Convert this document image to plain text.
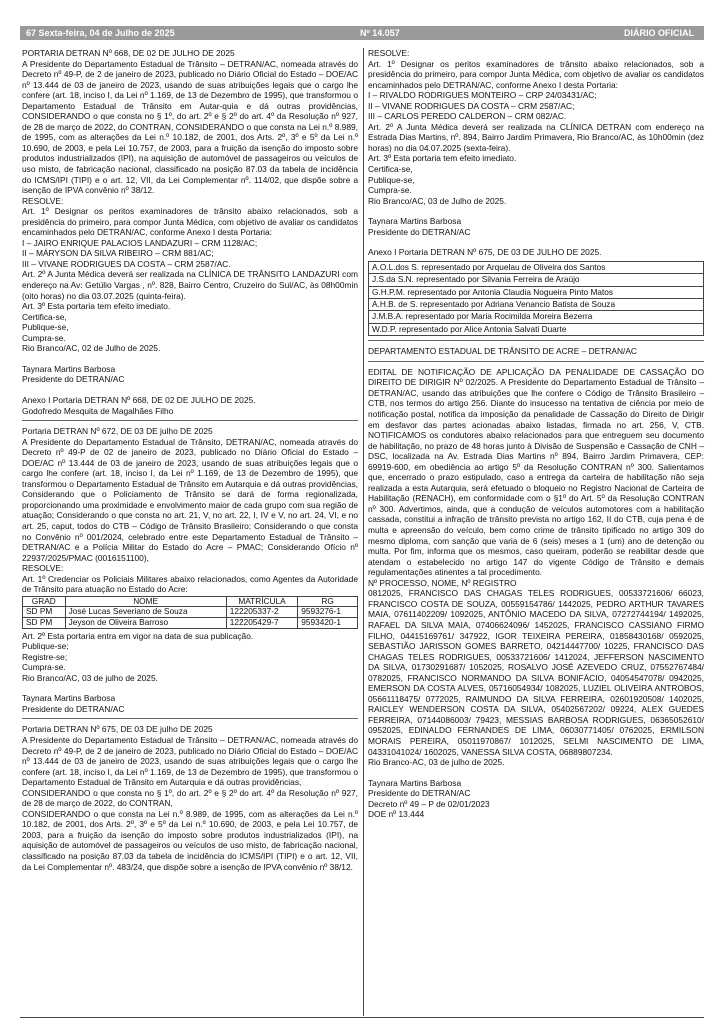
67 Sexta-feira, 04 de Julho de 2025	Nº 14.057	DIÁRIO OFICIAL

PORTARIA DETRAN Nº 668, DE 02 DE JULHO DE 2025

A Presidente do Departamento Estadual de Trânsito – DETRAN/AC, nomeada através do Decreto nº 49-P, de 2 de janeiro de 2023, publicado no Diário Oficial do Estado – DOE/AC nº 13.444 de 03 de janeiro de 2023, usando de suas atribuições legais que o cargo lhe confere (art. 18, inciso I, da Lei nº 1.169, de 13 de Dezembro de 1995), que transformou o Departamento Estadual de Trânsito em Autar-quia e dá outras providências, CONSIDERANDO o que consta no § 1º, do art. 2º e § 2º do art. 4º da Resolução nº 927, de 28 de março de 2022, do CONTRAN, CONSIDERANDO o que consta na Lei n.º 8.989, de 1995, com as alterações da Lei n.º 10.182, de 2001, dos Arts. 2º, 3º e 5º da Lei n.º 10.690, de 2003, e pela Lei 10.757, de 2003, para a fruição da isenção do imposto sobre produtos industrializados (IPI), na aquisição de automóvel de passageiros ou veículos de uso misto, de fabricação nacional, classificado na posição 87.03 da tabela de incidência do ICMS/IPI (TIPI) e o art. 12, VII, da Lei Complementar nº. 114/02, que dispõe sobre a isenção de IPVA convênio nº 38/12.
RESOLVE:
Art. 1º Designar os peritos examinadores de trânsito abaixo relacionados, sob a presidência do primeiro, para compor Junta Médica, com objetivo de avaliar os candidatos encaminhados pelo DETRAN/AC, conforme Anexo I desta Portaria:
I – JAIRO ENRIQUE PALACIOS LANDAZURI – CRM 1128/AC;
II – MÁRYSON DA SILVA RIBEIRO – CRM 881/AC;
III – VIVANE RODRIGUES DA COSTA – CRM 2587/AC.
Art. 2º A Junta Médica deverá ser realizada na CLÍNICA DE TRÂNSITO LANDAZURI com endereço na Av: Getúlio Vargas , nº. 828, Bairro Centro, Cruzeiro do Sul/AC, às 08h00min (oito horas) no dia 03.07.2025 (quinta-feira).
Art. 3º Esta portaria tem efeito imediato.
Certifica-se,
Publique-se,
Cumpra-se.
Rio Branco/AC, 02 de Julho de 2025.

Taynara Martins Barbosa

Presidente do DETRAN/AC

Anexo I Portaria DETRAN Nº 668, DE 02 DE JULHO DE 2025.

Godofredo Mesquita de Magalhães Filho

Portaria DETRAN Nº 672, DE 03 DE julho DE 2025

A Presidente do Departamento Estadual de Trânsito, DETRAN/AC, nomeada através do Decreto nº 49-P de 02 de janeiro de 2023, publicado no Diário Oficial do Estado – DOE/AC nº 13.444 de 03 de janeiro de 2023, usando de suas atribuições legais que o cargo lhe confere (art. 18, inciso I, da Lei nº 1.169, de 13 de Dezembro de 1995), que transformou o Departamento Estadual de Trânsito em Autarquia e dá outras providências, Considerando que o Policiamento de Trânsito se dará de forma regionalizada, proporcionando uma proximidade e envolvimento maior de cada grupo com sua região de atuação; Considerando o que consta no art. 21, V, no art. 22, I, IV e V, no art. 24, VI, e no art. 25, caput, todos do CTB – Código de Trânsito Brasileiro; Considerando o que consta no Convênio nº 001/2024, celebrado entre este Departamento Estadual de Trânsito – DETRAN/AC e a Polícia Militar do Estado do Acre – PMAC; Considerando Ofício nº 22937/2025/PMAC (0016151100),
RESOLVE:
Art. 1º Credenciar os Policiais Militares abaixo relacionados, como Agentes da Autoridade de Trânsito para atuação no Estado do Acre:

GRAD	NOME	MATRÍCULA	RG
SD PM	José Lucas Severiano de Souza	122205337-2	9593276-1
SD PM	Jeyson de Oliveira Barroso	122205429-7	9593420-1

Art. 2º Esta portaria entra em vigor na data de sua publicação.
Publique-se;
Registre-se;
Cumpra-se.
Rio Branco/AC, 03 de julho de 2025.

Taynara Martins Barbosa

Presidente do DETRAN/AC

Portaria DETRAN Nº 675, DE 03 DE julho DE 2025

A Presidente do Departamento Estadual de Trânsito – DETRAN/AC, nomeada através do Decreto nº 49-P, de 2 de janeiro de 2023, publicado no Diário Oficial do Estado – DOE/AC nº 13.444 de 03 de janeiro de 2023, usando de suas atribuições legais que o cargo lhe confere (art. 18, inciso I, da Lei nº 1.169, de 13 de Dezembro de 1995), que transformou o Departamento Estadual de Trânsito em Autarquia e dá outras providências,
CONSIDERANDO o que consta no § 1º, do art. 2º e § 2º do art. 4º da Resolução nº 927, de 28 de março de 2022, do CONTRAN,
CONSIDERANDO o que consta na Lei n.º 8.989, de 1995, com as alterações da Lei n.º 10.182, de 2001, dos Arts. 2º, 3º e 5º da Lei n.º 10.690, de 2003, e pela Lei 10.757, de 2003, para a fruição da isenção do imposto sobre produtos industrializados (IPI), na aquisição de automóvel de passageiros ou veículos de uso misto, de fabricação nacional, classificado na posição 87.03 da tabela de incidência do ICMS/IPI (TIPI) e o art. 12, VII, da Lei Complementar nº. 483/24, que dispõe sobre a isenção de IPVA convênio nº 38/12.

RESOLVE:
Art. 1º Designar os peritos examinadores de trânsito abaixo relacionados, sob a presidência do primeiro, para compor Junta Médica, com objetivo de avaliar os candidatos encaminhados pelo DETRAN/AC, conforme Anexo I desta Portaria:
I – RIVALDO RODRIGUES MONTEIRO – CRP 24/03431/AC;
II – VIVANE RODRIGUES DA COSTA – CRM 2587/AC;
III – CARLOS PEREDO CALDERON – CRM 082/AC.
Art. 2º A Junta Médica deverá ser realizada na CLÍNICA DETRAN com endereço na Estrada Dias Martins, nº. 894, Bairro Jardim Primavera, Rio Branco/AC, às 10h00min (dez horas) no dia 04.07.2025 (sexta-feira).
Art. 3º Esta portaria tem efeito imediato.
Certifica-se,
Publique-se,
Cumpra-se.
Rio Branco/AC, 03 de Julho de 2025.

Taynara Martins Barbosa

Presidente do DETRAN/AC

Anexo I Portaria DETRAN Nº 675, DE 03 DE JULHO DE 2025.

A.O.L.dos S. representado por Arquelau de Oliveira dos Santos
J.S.da S.N. representado por Silvania Ferreira de Araújo
G.H.P.M. representado por Antonia Claudia Nogueira Pinto Matos
A.H.B. de S. representado por Adriana Venancio Batista de Souza
J.M.B.A. representado por Maria Rocimilda Moreira Bezerra
W.D.P. representado por Alice Antonia Salvati Duarte

DEPARTAMENTO ESTADUAL DE TRÂNSITO DE ACRE – DETRAN/AC

EDITAL DE NOTIFICAÇÃO DE APLICAÇÃO DA PENALIDADE DE CASSAÇÃO DO DIREITO DE DIRIGIR Nº 02/2025. A Presidente do Departamento Estadual de Trânsito – DETRAN/AC, usando das atribuições que lhe confere o Código de Trânsito Brasileiro – CTB, nos termos do artigo 256. Diante do insucesso na tentativa de ciência por meio de notificação postal, notifica da imposição da penalidade de Cassação do Direito de Dirigir em desfavor das partes acionadas abaixo listadas, firmada no art. 256, V, CTB. NOTIFICAMOS os condutores abaixo relacionados para que entreguem seu documento de habilitação, no prazo de 48 horas junto à Divisão de Suspensão e Cassação de CNH – DSC, localizada na Av. Estrada Dias Martins nº 894, Bairro Jardim Primavera, CEP: 69919-600, em obediência ao artigo 5º da Resolução CONTRAN nº 300. Salientamos que, encerrado o prazo estipulado, caso a entrega da carteira de habilitação não seja realizada a esta Autarquia, será efetuado o bloqueio no Registro Nacional de Carteira de Habilitação (RENACH), em conformidade com o §1º do Art. 5º da Resolução CONTRAN nº 300. Advertimos, ainda, que a condução de veículos automotores com a habilitação cassada, constitui a infração de trânsito prevista no artigo 162, II do CTB, cuja pena é de multa e apreensão do veículo, bem como crime de trânsito tipificado no artigo 309 do mesmo diploma, com sanção que varia de 6 (seis) meses a 1 (um) ano de detenção ou multa. Por fim, informa que os mesmos, caso queiram, poderão se reabilitar desde que atendam o estabelecido no artigo 147 do vigente Código de Trânsito e demais regulamentações atinentes a tal procedimento.
Nº PROCESSO, NOME, Nº REGISTRO

0812025, FRANCISCO DAS CHAGAS TELES RODRIGUES, 00533721606/ 66023, FRANCISCO COSTA DE SOUZA, 00559154786/ 1442025, PEDRO ARTHUR TAVARES MAIA, 07611402209/ 1092025, ANTÔNIO MACEDO DA SILVA, 07272744194/ 1492025, RAFAEL DA SILVA MAIA, 07406624096/ 1452025, FRANCISCO CASSIANO FIRMO FILHO, 04415169761/ 347922, IGOR TEIXEIRA PEREIRA, 01858430168/ 0592025, SEBASTIÃO JARISSON GOMES BARRETO, 04214447700/ 10225, FRANCISCO DAS CHAGAS TELES RODRIGUES, 00533721606/ 1412024, JEFFERSON NASCIMENTO DA SILVA, 01730291687/ 1052025, ROSALVO JOSÉ AZEVEDO CRUZ, 07552767484/ 0782025, FRANCISCO NORMANDO DA SILVA BONIFÁCIO, 04054547078/ 0942025, EMERSON DA COSTA ALVES, 05716054934/ 1082025, LUZIEL OLIVEIRA ANTROBOS, 05661118475/ 0772025, RAIMUNDO DA SILVA FERREIRA, 02601920508/ 1402025, RAICLEY WENDERSON COSTA DA SILVA, 05402567202/ 09224, ALEX GUEDES FERREIRA, 07144086003/ 79423, MESSIAS BARBOSA RODRIGUES, 06365052610/ 0952025, EDINALDO FERNANDES DE LIMA, 06030771405/ 0762025, ERMILSON MORAIS PEREIRA, 05011970867/ 1012025, SELMI NASCIMENTO DE LIMA, 04331041024/ 1602025, VANESSA SILVA COSTA, 06889807234.

Rio Branco-AC, 03 de julho de 2025.

Taynara Martins Barbosa
Presidente do DETRAN/AC
Decreto nº 49 – P de 02/01/2023
DOE nº 13.444
